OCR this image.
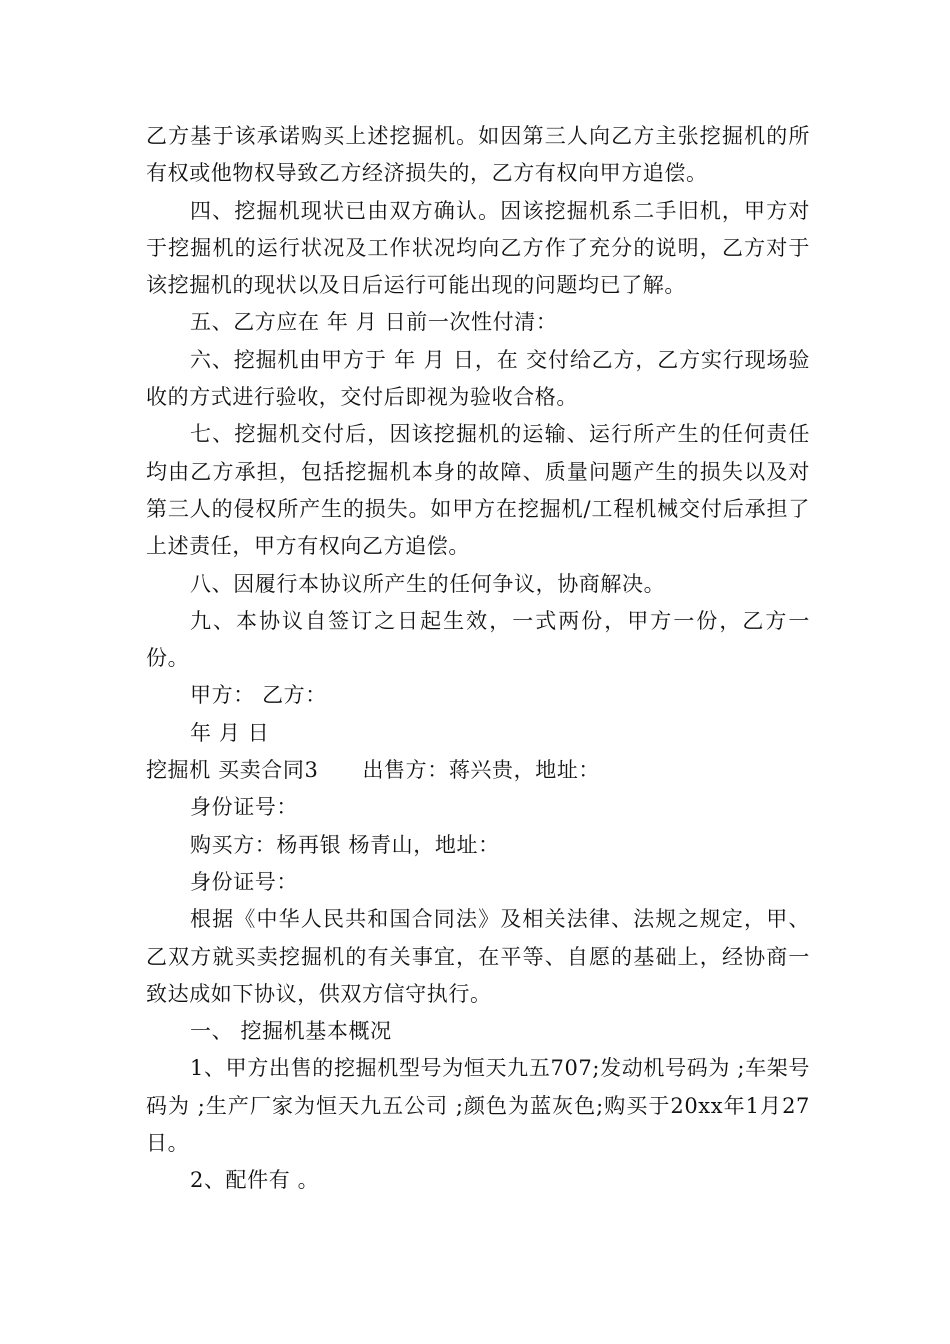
乙方基于该承诺购买上述挖掘机。如因第三人向乙方主张挖掘机的所有权或他物权导致乙方经济损失的，乙方有权向甲方追偿。

四、挖掘机现状已由双方确认。因该挖掘机系二手旧机，甲方对于挖掘机的运行状况及工作状况均向乙方作了充分的说明，乙方对于该挖掘机的现状以及日后运行可能出现的问题均已了解。

五、乙方应在 年 月 日前一次性付清：

六、挖掘机由甲方于 年 月 日，在 交付给乙方，乙方实行现场验收的方式进行验收，交付后即视为验收合格。

七、挖掘机交付后，因该挖掘机的运输、运行所产生的任何责任均由乙方承担，包括挖掘机本身的故障、质量问题产生的损失以及对第三人的侵权所产生的损失。如甲方在挖掘机/工程机械交付后承担了上述责任，甲方有权向乙方追偿。

八、因履行本协议所产生的任何争议，协商解决。

九、本协议自签订之日起生效，一式两份，甲方一份，乙方一份。

甲方： 乙方：

年 月 日

挖掘机 买卖合同3 出售方：蒋兴贵，地址：

身份证号：

购买方：杨再银 杨青山，地址：

身份证号：

根据《中华人民共和国合同法》及相关法律、法规之规定，甲、乙双方就买卖挖掘机的有关事宜，在平等、自愿的基础上，经协商一致达成如下协议，供双方信守执行。

一、 挖掘机基本概况

1、甲方出售的挖掘机型号为恒天九五707;发动机号码为 ;车架号码为 ;生产厂家为恒天九五公司 ;颜色为蓝灰色;购买于20xx年1月27日。

2、配件有 。
